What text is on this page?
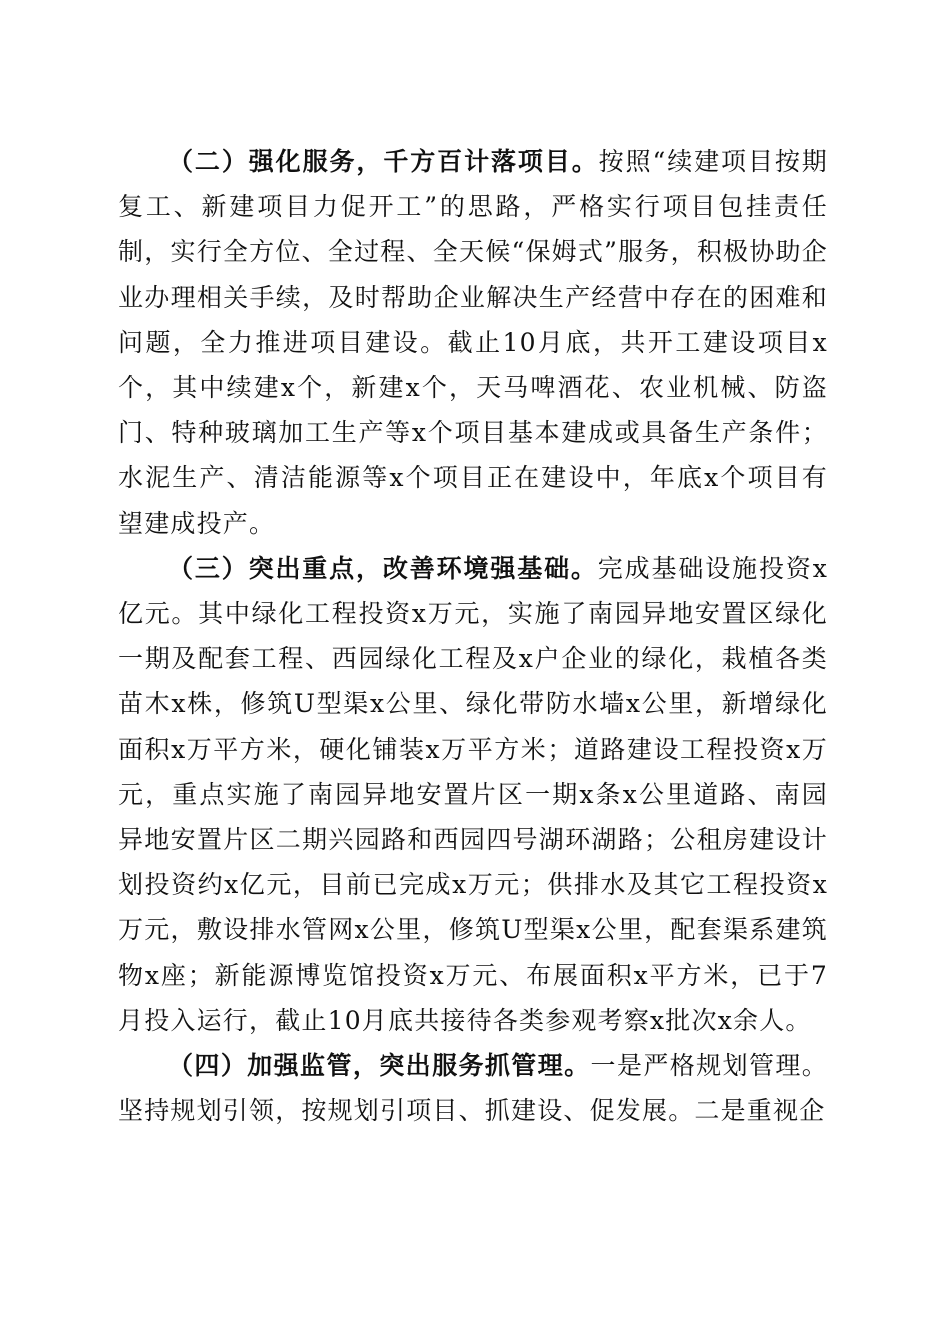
（二）强化服务，千方百计落项目。按照“续建项目按期复工、新建项目力促开工”的思路，严格实行项目包挂责任制，实行全方位、全过程、全天候“保姆式”服务，积极协助企业办理相关手续，及时帮助企业解决生产经营中存在的困难和问题，全力推进项目建设。截止10月底，共开工建设项目x个，其中续建x个，新建x个，天马啤酒花、农业机械、防盗门、特种玻璃加工生产等x个项目基本建成或具备生产条件；水泥生产、清洁能源等x个项目正在建设中，年底x个项目有望建成投产。

（三）突出重点，改善环境强基础。完成基础设施投资x亿元。其中绿化工程投资x万元，实施了南园异地安置区绿化一期及配套工程、西园绿化工程及x户企业的绿化，栽植各类苗木x株，修筑U型渠x公里、绿化带防水墙x公里，新增绿化面积x万平方米，硬化铺装x万平方米；道路建设工程投资x万元，重点实施了南园异地安置片区一期x条x公里道路、南园异地安置片区二期兴园路和西园四号湖环湖路；公租房建设计划投资约x亿元，目前已完成x万元；供排水及其它工程投资x万元，敷设排水管网x公里，修筑U型渠x公里，配套渠系建筑物x座；新能源博览馆投资x万元、布展面积x平方米，已于7月投入运行，截止10月底共接待各类参观考察x批次x余人。

（四）加强监管，突出服务抓管理。一是严格规划管理。坚持规划引领，按规划引项目、抓建设、促发展。二是重视企
